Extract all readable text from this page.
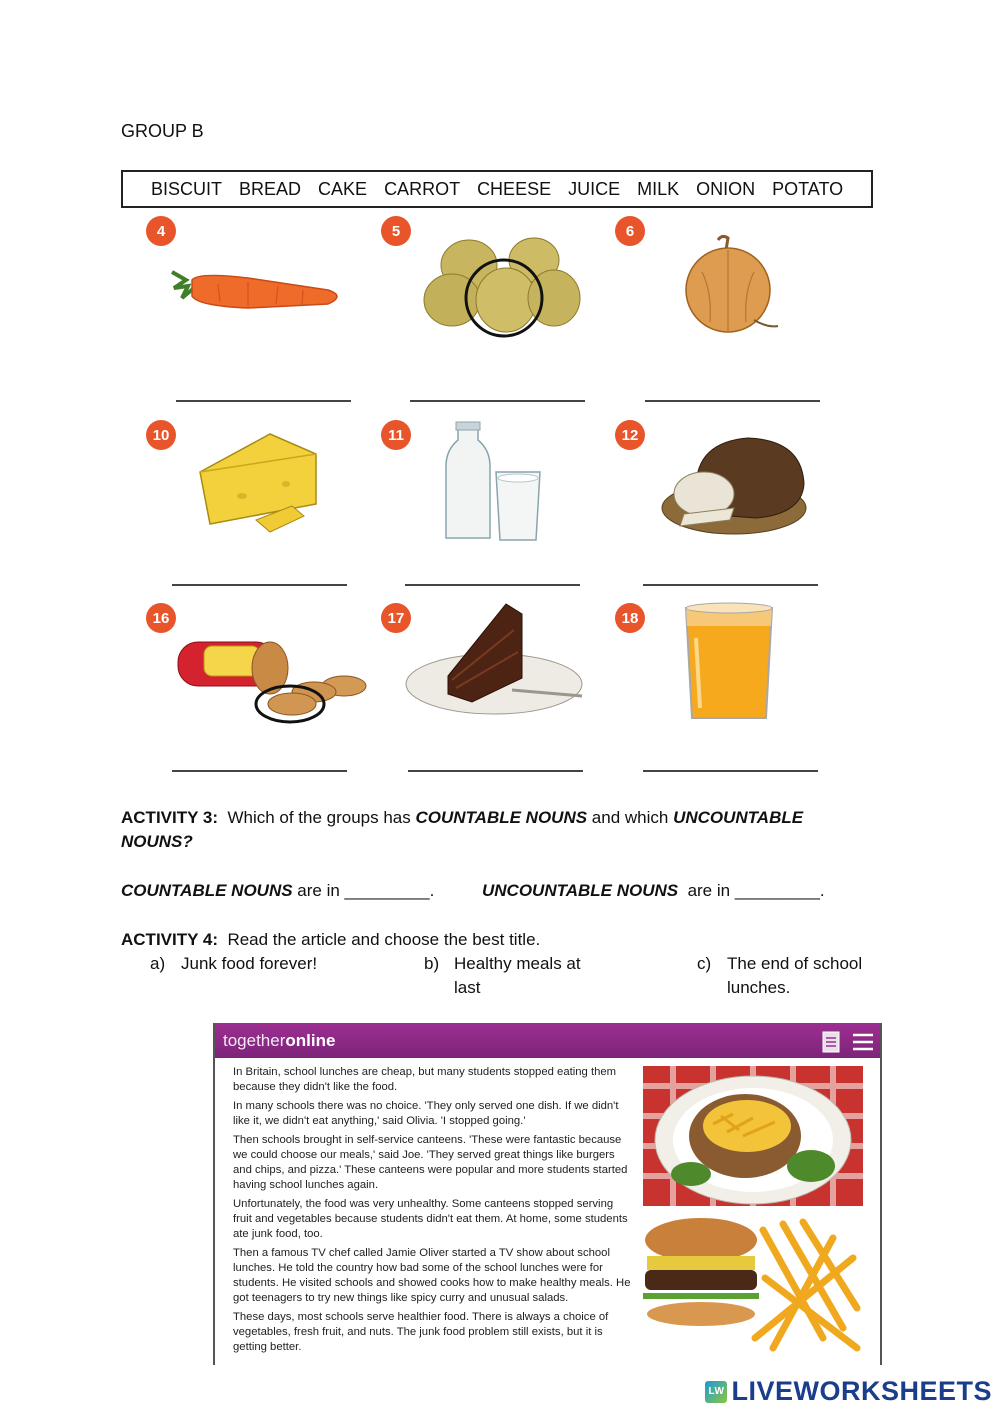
GROUP B
BISCUIT BREAD CAKE CARROT CHEESE JUICE MILK ONION POTATO
4	5	6
10	11	12
16	17	18
ACTIVITY 3: Which of the groups has COUNTABLE NOUNS and which UNCOUNTABLE
NOUNS?
COUNTABLE NOUNS are in _________.	UNCOUNTABLE NOUNS  are in _________.
ACTIVITY 4: Read the article and choose the best title.
a) Junk food forever!	b) Healthy meals at
last
c) The end of school
lunches.
together online

In Britain, school lunches are cheap, but many students stopped eating them because they didn't like the food.

In many schools there was no choice. 'They only served one dish. If we didn't like it, we didn't eat anything,' said Olivia. 'I stopped going.'

Then schools brought in self-service canteens. 'These were fantastic because we could choose our meals,' said Joe. 'They served great things like burgers and chips, and pizza.' These canteens were popular and more students started having school lunches again.

Unfortunately, the food was very unhealthy. Some canteens stopped serving fruit and vegetables because students didn't eat them. At home, some students ate junk food, too.

Then a famous TV chef called Jamie Oliver started a TV show about school lunches. He told the country how bad some of the school lunches were for students. He visited schools and showed cooks how to make healthy meals. He got teenagers to try new things like spicy curry and unusual salads.

These days, most schools serve healthier food. There is always a choice of vegetables, fresh fruit, and nuts. The junk food problem still exists, but it is getting better.

LW LIVEWORKSHEETS
